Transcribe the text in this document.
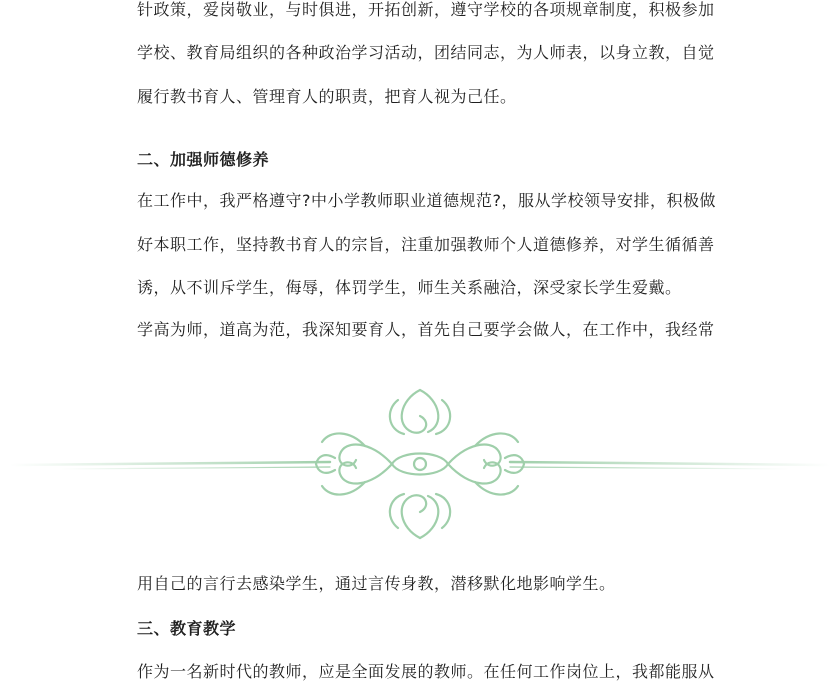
针政策，爱岗敬业，与时俱进，开拓创新，遵守学校的各项规章制度，积极参加
学校、教育局组织的各种政治学习活动，团结同志，为人师表，以身立教，自觉
履行教书育人、管理育人的职责，把育人视为己任。
二、加强师德修养
在工作中，我严格遵守?中小学教师职业道德规范?，服从学校领导安排，积极做
好本职工作，坚持教书育人的宗旨，注重加强教师个人道德修养，对学生循循善
诱，从不训斥学生，侮辱，体罚学生，师生关系融洽，深受家长学生爱戴。
学高为师，道高为范，我深知要育人，首先自己要学会做人，在工作中，我经常
用自己的言行去感染学生，通过言传身教，潜移默化地影响学生。
三、教育教学
作为一名新时代的教师，应是全面发展的教师。在任何工作岗位上，我都能服从
